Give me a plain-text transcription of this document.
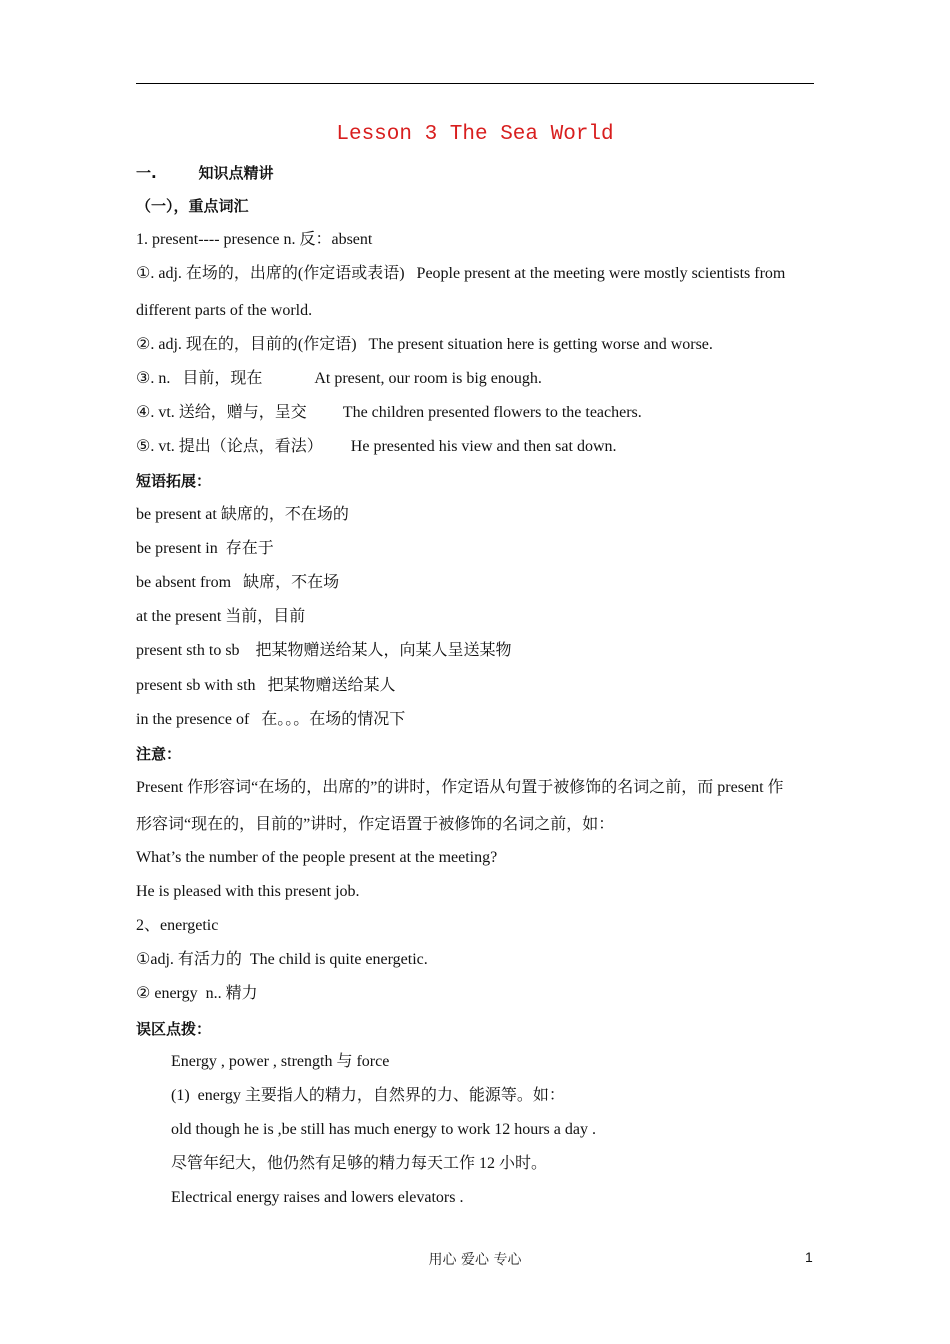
Lesson 3 The Sea World
一.        知识点精讲
（一），重点词汇
1. present---- presence n. 反：absent
①. adj. 在场的，出席的(作定语或表语)   People present at the meeting were mostly scientists from
different parts of the world.
②. adj. 现在的，目前的(作定语)   The present situation here is getting worse and worse.
③. n.   目前，现在             At present, our room is big enough.
④. vt. 送给，赠与，呈交         The children presented flowers to the teachers.
⑤. vt. 提出（论点，看法）       He presented his view and then sat down.
短语拓展：
be present at 缺席的，不在场的
be present in  存在于
be absent from   缺席，不在场
at the present 当前，目前
present sth to sb    把某物赠送给某人，向某人呈送某物
present sb with sth   把某物赠送给某人
in the presence of   在。。。在场的情况下
注意：
Present 作形容词“在场的，出席的”的讲时，作定语从句置于被修饰的名词之前，而 present 作
形容词“现在的，目前的”讲时，作定语置于被修饰的名词之前，如：
What’s the number of the people present at the meeting?
He is pleased with this present job.
2、energetic
①adj. 有活力的  The child is quite energetic.
② energy  n.. 精力
误区点拨：
Energy , power , strength 与 force
(1)  energy 主要指人的精力，自然界的力、能源等。如：
old though he is ,be still has much energy to work 12 hours a day .
尽管年纪大，他仍然有足够的精力每天工作 12 小时。
Electrical energy raises and lowers elevators .
用心 爱心 专心	1
